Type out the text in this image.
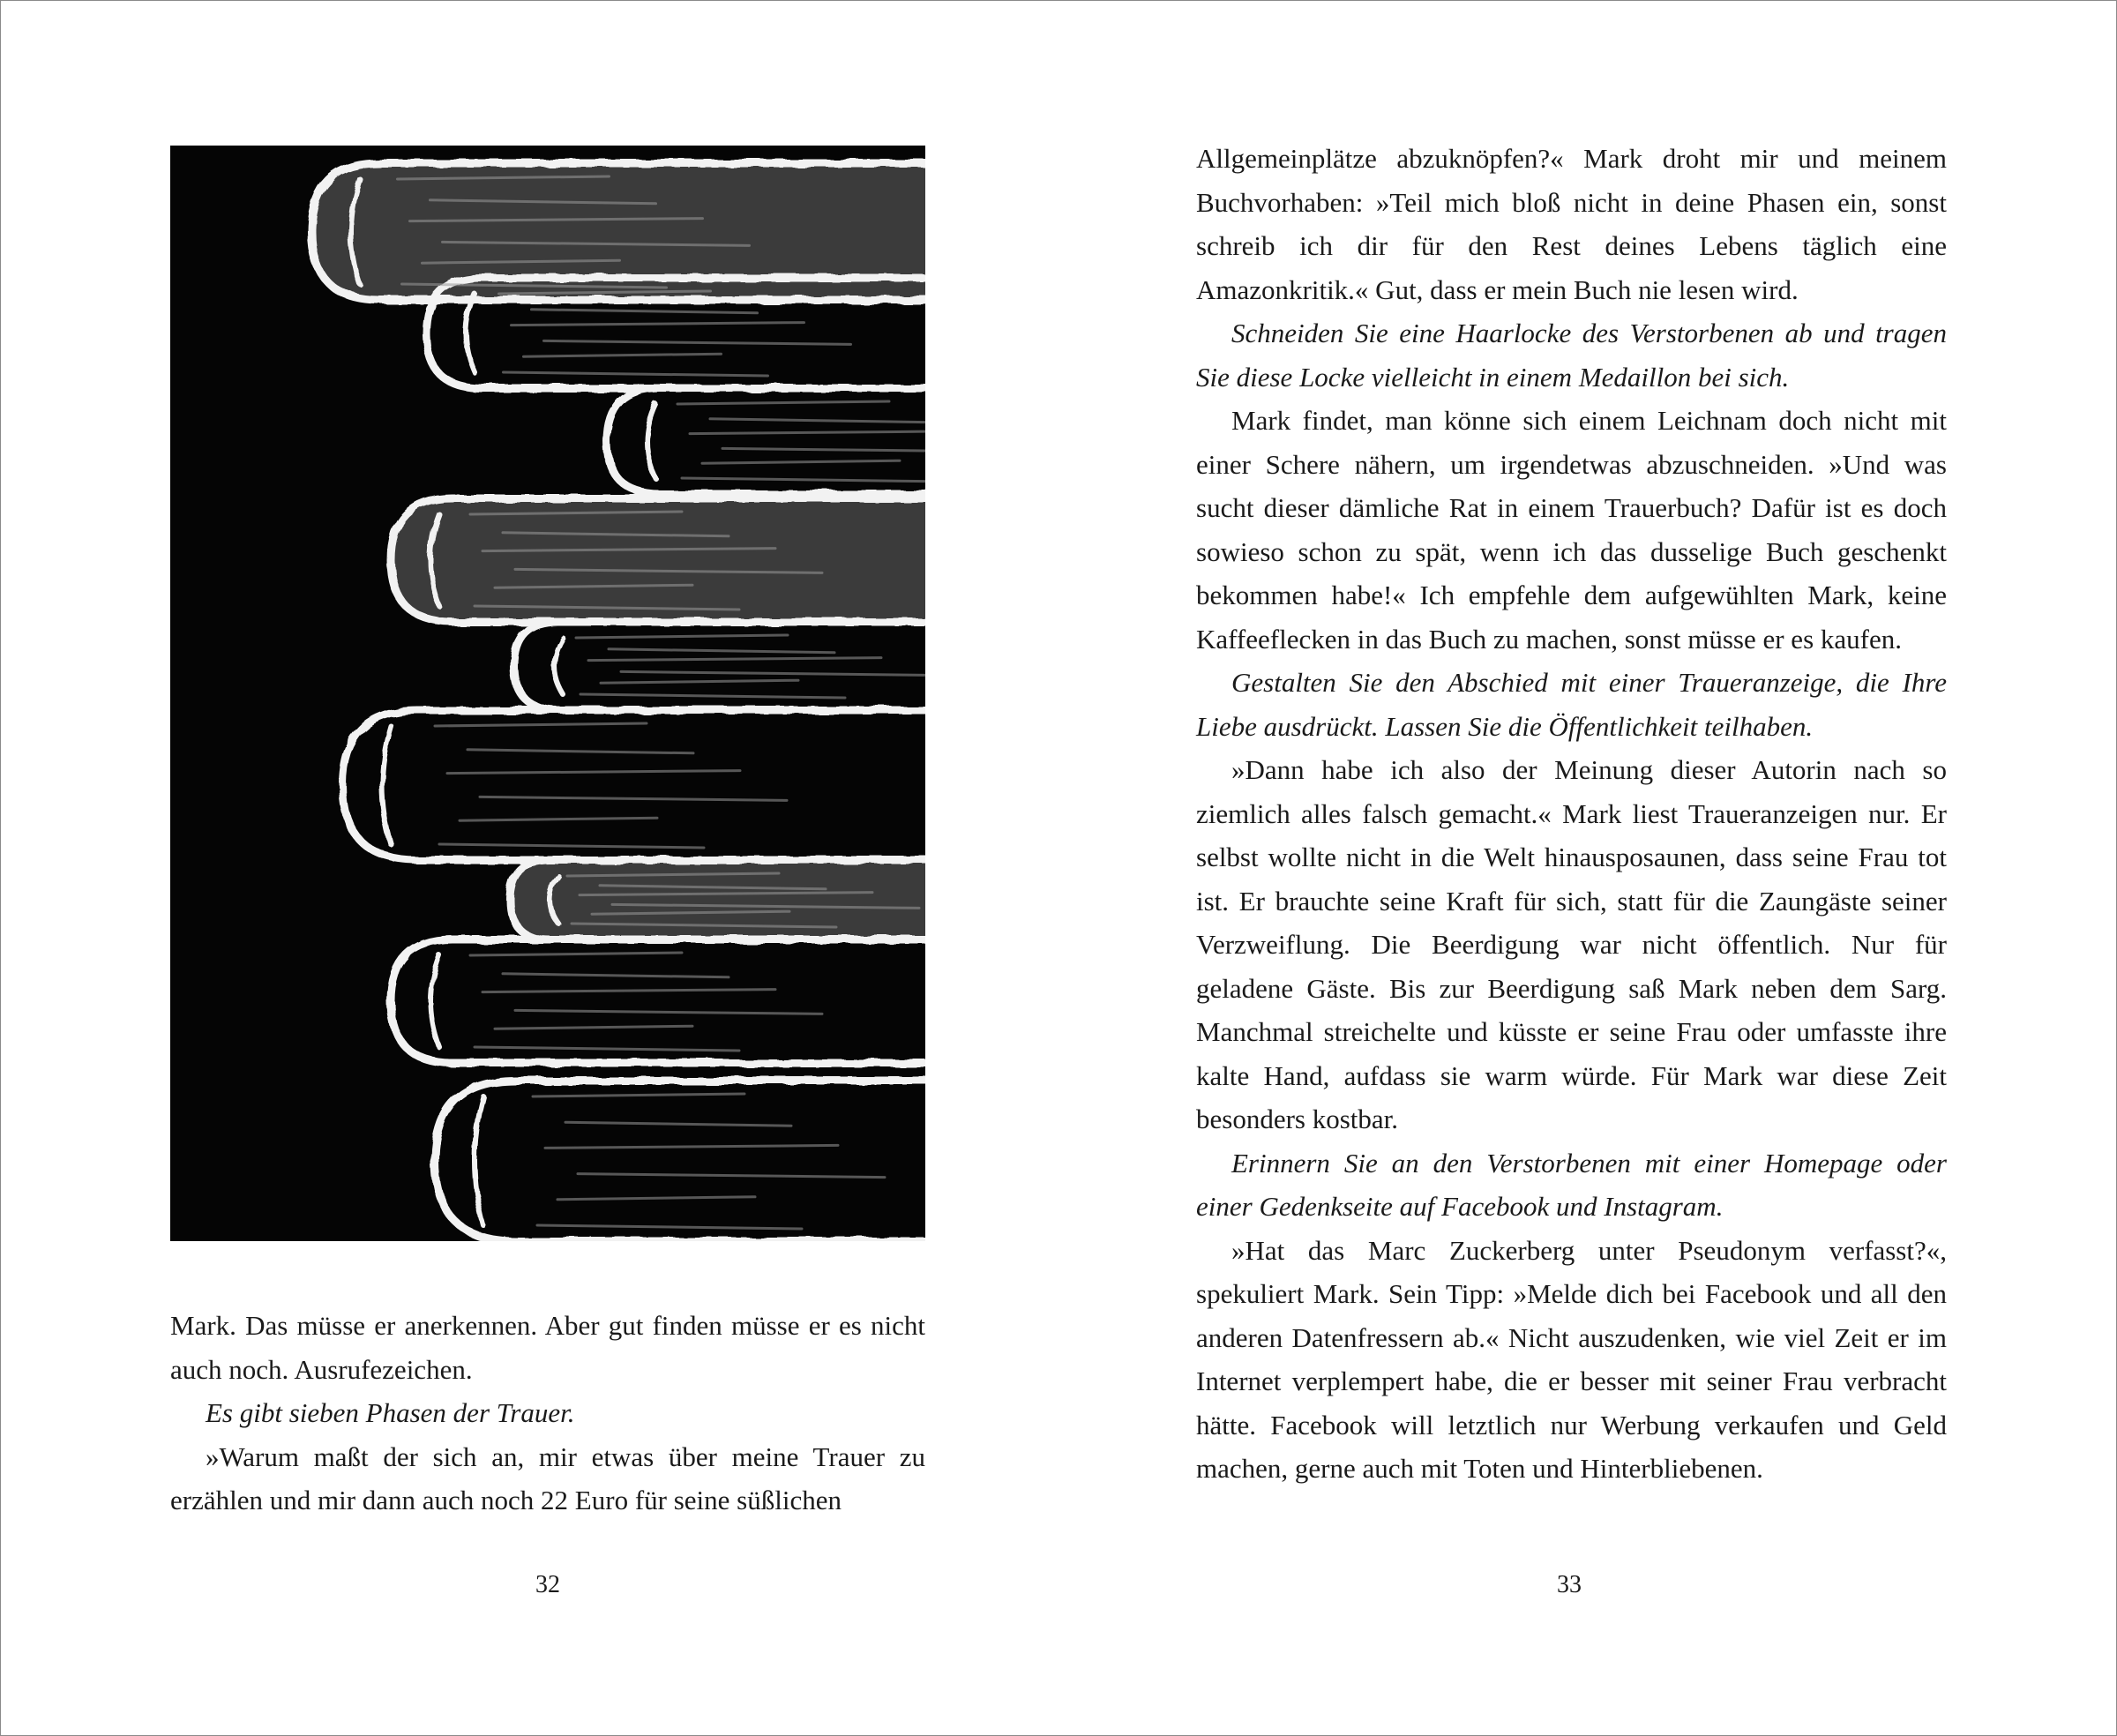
Mark. Das müsse er anerkennen. Aber gut finden müsse er es nicht auch noch. Ausrufezeichen.

Es gibt sieben Phasen der Trauer.

»Warum maßt der sich an, mir etwas über meine Trauer zu erzählen und mir dann auch noch 22 Euro für seine süßlichen

32

Allgemeinplätze abzuknöpfen?« Mark droht mir und meinem Buchvorhaben: »Teil mich bloß nicht in deine Phasen ein, sonst schreib ich dir für den Rest deines Lebens täglich eine Amazonkritik.« Gut, dass er mein Buch nie lesen wird.

Schneiden Sie eine Haarlocke des Verstorbenen ab und tragen Sie diese Locke vielleicht in einem Medaillon bei sich.

Mark findet, man könne sich einem Leichnam doch nicht mit einer Schere nähern, um irgendetwas abzuschneiden. »Und was sucht dieser dämliche Rat in einem Trauerbuch? Dafür ist es doch sowieso schon zu spät, wenn ich das dusselige Buch geschenkt bekommen habe!« Ich empfehle dem aufgewühlten Mark, keine Kaffeeflecken in das Buch zu machen, sonst müsse er es kaufen.

Gestalten Sie den Abschied mit einer Traueranzeige, die Ihre Liebe ausdrückt. Lassen Sie die Öffentlichkeit teilhaben.

»Dann habe ich also der Meinung dieser Autorin nach so ziemlich alles falsch gemacht.« Mark liest Traueranzeigen nur. Er selbst wollte nicht in die Welt hinausposaunen, dass seine Frau tot ist. Er brauchte seine Kraft für sich, statt für die Zaungäste seiner Verzweiflung. Die Beerdigung war nicht öffentlich. Nur für geladene Gäste. Bis zur Beerdigung saß Mark neben dem Sarg. Manchmal streichelte und küsste er seine Frau oder umfasste ihre kalte Hand, aufdass sie warm würde. Für Mark war diese Zeit besonders kostbar.

Erinnern Sie an den Verstorbenen mit einer Homepage oder einer Gedenkseite auf Facebook und Instagram.

»Hat das Marc Zuckerberg unter Pseudonym verfasst?«, spekuliert Mark. Sein Tipp: »Melde dich bei Facebook und all den anderen Datenfressern ab.« Nicht auszudenken, wie viel Zeit er im Internet verplempert habe, die er besser mit seiner Frau verbracht hätte. Facebook will letztlich nur Werbung verkaufen und Geld machen, gerne auch mit Toten und Hinterbliebenen.

33
